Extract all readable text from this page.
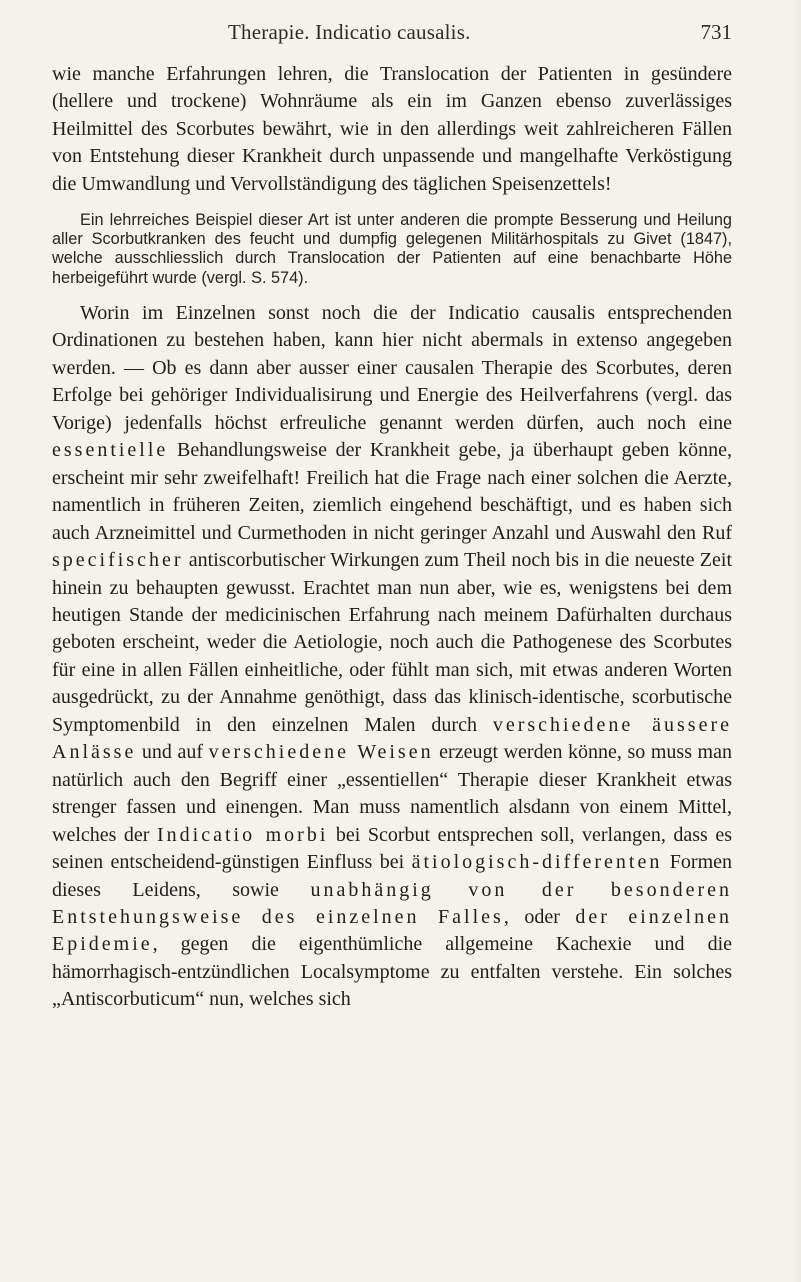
Therapie. Indicatio causalis.	731

wie manche Erfahrungen lehren, die Translocation der Patienten in gesündere (hellere und trockene) Wohnräume als ein im Ganzen ebenso zuverlässiges Heilmittel des Scorbutes bewährt, wie in den allerdings weit zahlreicheren Fällen von Entstehung dieser Krankheit durch unpassende und mangelhafte Verköstigung die Umwandlung und Vervollständigung des täglichen Speisenzettels!

Ein lehrreiches Beispiel dieser Art ist unter anderen die prompte Besserung und Heilung aller Scorbutkranken des feucht und dumpfig gelegenen Militärhospitals zu Givet (1847), welche ausschliesslich durch Translocation der Patienten auf eine benachbarte Höhe herbeigeführt wurde (vergl. S. 574).

Worin im Einzelnen sonst noch die der Indicatio causalis entsprechenden Ordinationen zu bestehen haben, kann hier nicht abermals in extenso angegeben werden. — Ob es dann aber ausser einer causalen Therapie des Scorbutes, deren Erfolge bei gehöriger Individualisirung und Energie des Heilverfahrens (vergl. das Vorige) jedenfalls höchst erfreuliche genannt werden dürfen, auch noch eine essentielle Behandlungsweise der Krankheit gebe, ja überhaupt geben könne, erscheint mir sehr zweifelhaft! Freilich hat die Frage nach einer solchen die Aerzte, namentlich in früheren Zeiten, ziemlich eingehend beschäftigt, und es haben sich auch Arzneimittel und Curmethoden in nicht geringer Anzahl und Auswahl den Ruf specifischer antiscorbutischer Wirkungen zum Theil noch bis in die neueste Zeit hinein zu behaupten gewusst. Erachtet man nun aber, wie es, wenigstens bei dem heutigen Stande der medicinischen Erfahrung nach meinem Dafürhalten durchaus geboten erscheint, weder die Aetiologie, noch auch die Pathogenese des Scorbutes für eine in allen Fällen einheitliche, oder fühlt man sich, mit etwas anderen Worten ausgedrückt, zu der Annahme genöthigt, dass das klinisch-identische, scorbutische Symptomenbild in den einzelnen Malen durch verschiedene äussere Anlässe und auf verschiedene Weisen erzeugt werden könne, so muss man natürlich auch den Begriff einer „essentiellen“ Therapie dieser Krankheit etwas strenger fassen und einengen. Man muss namentlich alsdann von einem Mittel, welches der Indicatio morbi bei Scorbut entsprechen soll, verlangen, dass es seinen entscheidend-günstigen Einfluss bei ätiologisch-differenten Formen dieses Leidens, sowie unabhängig von der besonderen Entstehungsweise des einzelnen Falles, oder der einzelnen Epidemie, gegen die eigenthümliche allgemeine Kachexie und die hämorrhagisch-entzündlichen Localsymptome zu entfalten verstehe. Ein solches „Antiscorbuticum“ nun, welches sich
